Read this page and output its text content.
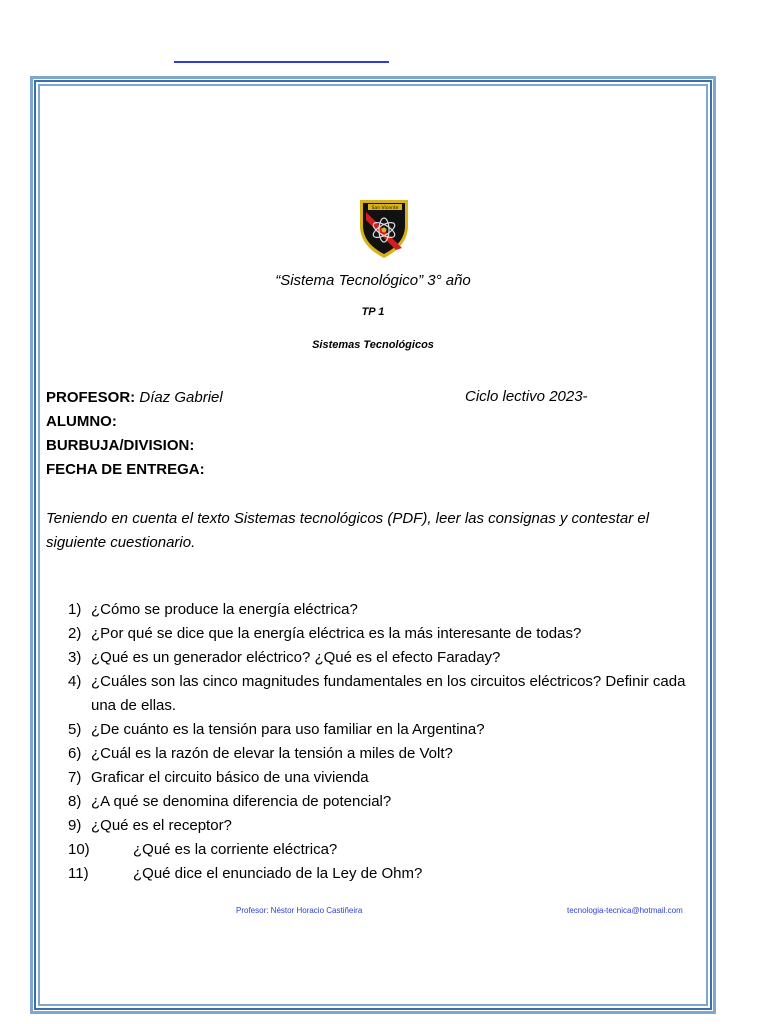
San Vicente
“Sistema Tecnológico” 3° año
TP 1
Sistemas Tecnológicos
PROFESOR: Díaz Gabriel	Ciclo lectivo 2023-
ALUMNO:
BURBUJA/DIVISION:
FECHA DE ENTREGA:
Teniendo en cuenta el texto Sistemas tecnológicos (PDF), leer las consignas y contestar el
siguiente cuestionario.
1) ¿Cómo se produce la energía eléctrica?
2) ¿Por qué se dice que la energía eléctrica es la más interesante de todas?
3) ¿Qué es un generador eléctrico? ¿Qué es el efecto Faraday?
4) ¿Cuáles son las cinco magnitudes fundamentales en los circuitos eléctricos? Definir cada
una de ellas.
5) ¿De cuánto es la tensión para uso familiar en la Argentina?
6) ¿Cuál es la razón de elevar la tensión a miles de Volt?
7) Graficar el circuito básico de una vivienda
8) ¿A qué se denomina diferencia de potencial?
9) ¿Qué es el receptor?
10)	¿Qué es la corriente eléctrica?
11)	¿Qué dice el enunciado de la Ley de Ohm?
Profesor: Néstor Horacio Castiñeira	tecnologia-tecnica@hotmail.com
